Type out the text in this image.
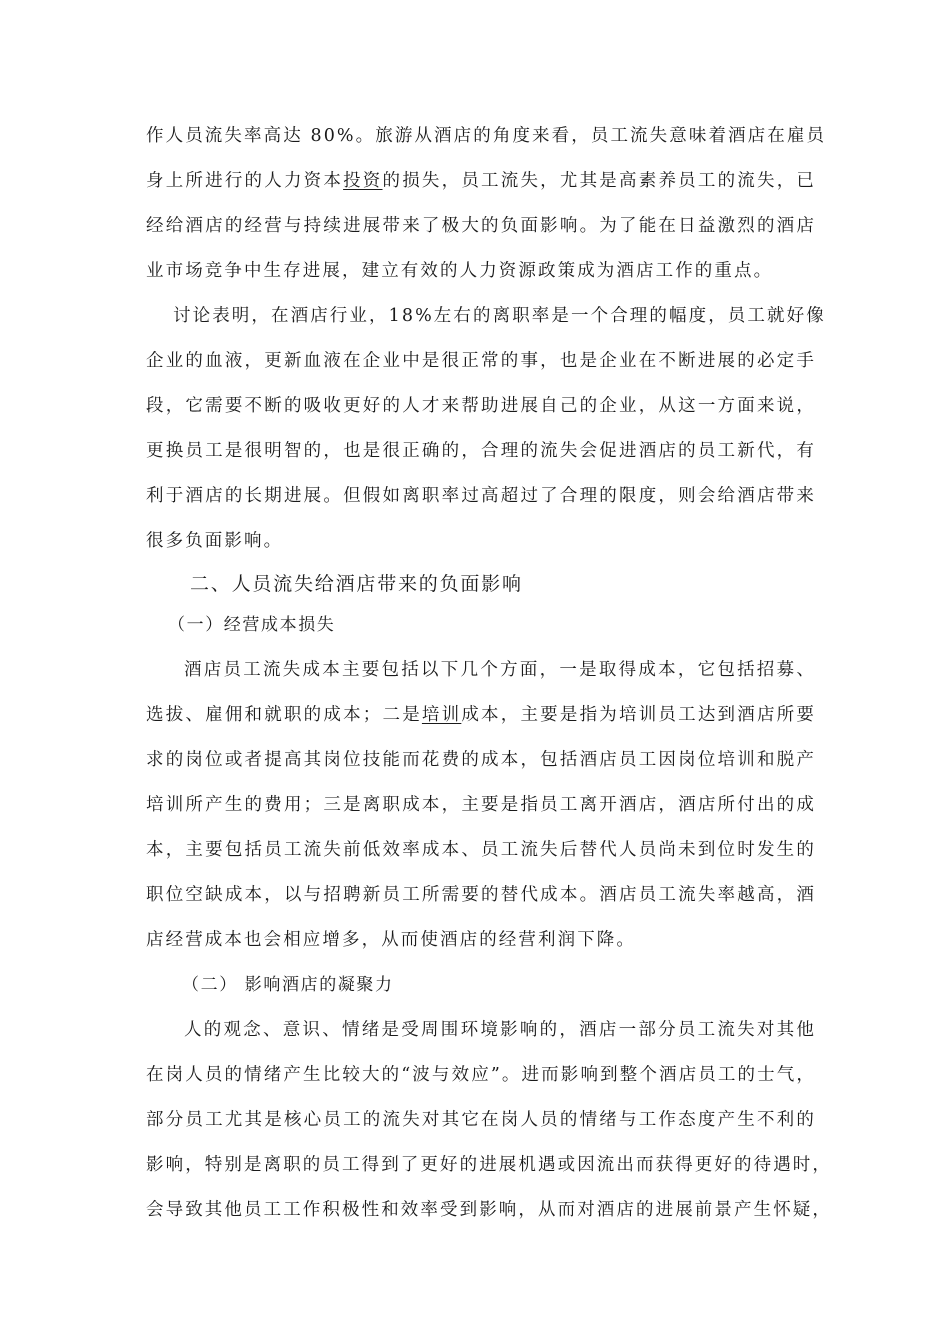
作人员流失率高达 80%。旅游从酒店的角度来看，员工流失意味着酒店在雇员
身上所进行的人力资本投资的损失，员工流失，尤其是高素养员工的流失，已
经给酒店的经营与持续进展带来了极大的负面影响。为了能在日益激烈的酒店
业市场竞争中生存进展，建立有效的人力资源政策成为酒店工作的重点。
讨论表明，在酒店行业，18%左右的离职率是一个合理的幅度，员工就好像
企业的血液，更新血液在企业中是很正常的事，也是企业在不断进展的必定手
段，它需要不断的吸收更好的人才来帮助进展自己的企业，从这一方面来说，
更换员工是很明智的，也是很正确的，合理的流失会促进酒店的员工新代，有
利于酒店的长期进展。但假如离职率过高超过了合理的限度，则会给酒店带来
很多负面影响。
二、人员流失给酒店带来的负面影响
（一）经营成本损失
酒店员工流失成本主要包括以下几个方面，一是取得成本，它包括招募、
选拔、雇佣和就职的成本；二是培训成本，主要是指为培训员工达到酒店所要
求的岗位或者提高其岗位技能而花费的成本，包括酒店员工因岗位培训和脱产
培训所产生的费用；三是离职成本，主要是指员工离开酒店，酒店所付出的成
本，主要包括员工流失前低效率成本、员工流失后替代人员尚未到位时发生的
职位空缺成本，以与招聘新员工所需要的替代成本。酒店员工流失率越高，酒
店经营成本也会相应增多，从而使酒店的经营利润下降。
（二） 影响酒店的凝聚力
人的观念、意识、情绪是受周围环境影响的，酒店一部分员工流失对其他
在岗人员的情绪产生比较大的“波与效应”。进而影响到整个酒店员工的士气，
部分员工尤其是核心员工的流失对其它在岗人员的情绪与工作态度产生不利的
影响，特别是离职的员工得到了更好的进展机遇或因流出而获得更好的待遇时，
会导致其他员工工作积极性和效率受到影响，从而对酒店的进展前景产生怀疑，
